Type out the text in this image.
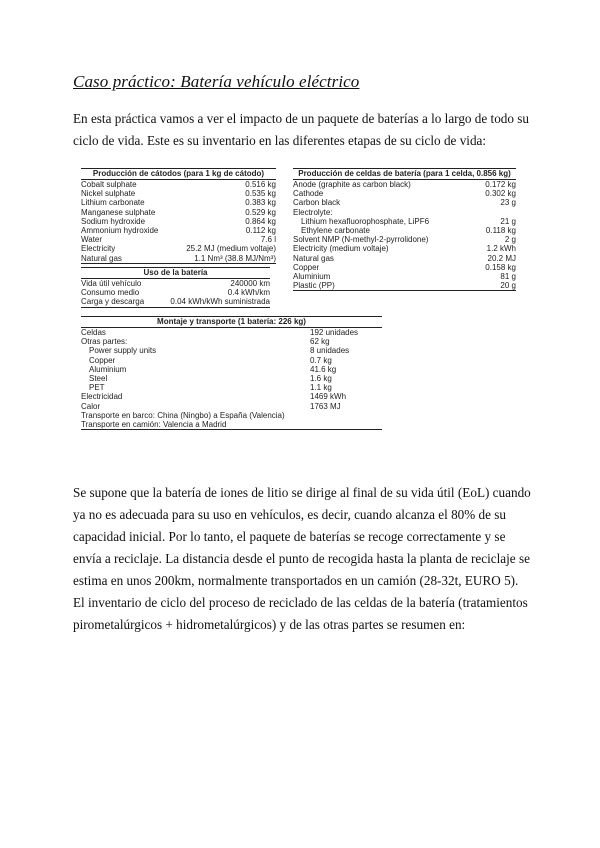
Caso práctico: Batería vehículo eléctrico
En esta práctica vamos a ver el impacto de un paquete de baterías a lo largo de todo su ciclo de vida. Este es su inventario en las diferentes etapas de su ciclo de vida:
Producción de cátodos (para 1 kg de cátodo)
Cobalt sulphate	0.516 kg
Nickel sulphate	0.535 kg
Lithium carbonate	0.383 kg
Manganese sulphate	0.529 kg
Sodium hydroxide	0.864 kg
Ammonium hydroxide	0.112 kg
Water	7.6 l
Electricity	25.2 MJ (medium voltaje)
Natural gas	1.1 Nm³ (38.8 MJ/Nm³)
Uso de la batería
Vida útil vehículo	240000 km
Consumo medio	0.4 kWh/km
Carga y descarga	0.04 kWh/kWh suministrada
Producción de celdas de batería (para 1 celda, 0.856 kg)
Anode (graphite as carbon black)	0.172 kg
Cathode	0.302 kg
Carbon black	23 g
Electrolyte:
Lithium hexafluorophosphate, LiPF6	21 g
Ethylene carbonate	0.118 kg
Solvent NMP (N-methyl-2-pyrrolidone)	2 g
Electricity (medium voltaje)	1.2 kWh
Natural gas	20.2 MJ
Copper	0.158 kg
Aluminium	81 g
Plastic (PP)	20 g
Montaje y transporte (1 batería: 226 kg)
Celdas	192 unidades
Otras partes:	62 kg
Power supply units	8 unidades
Copper	0.7 kg
Aluminium	41.6 kg
Steel	1.6 kg
PET	1.1 kg
Electricidad	1469 kWh
Calor	1763 MJ
Transporte en barco: China (Ningbo) a España (Valencia)
Transporte en camión: Valencia a Madrid
Se supone que la batería de iones de litio se dirige al final de su vida útil (EoL) cuando ya no es adecuada para su uso en vehículos, es decir, cuando alcanza el 80% de su capacidad inicial. Por lo tanto, el paquete de baterías se recoge correctamente y se envía a reciclaje. La distancia desde el punto de recogida hasta la planta de reciclaje se estima en unos 200km, normalmente transportados en un camión (28-32t, EURO 5). El inventario de ciclo del proceso de reciclado de las celdas de la batería (tratamientos pirometalúrgicos + hidrometalúrgicos) y de las otras partes se resumen en:
